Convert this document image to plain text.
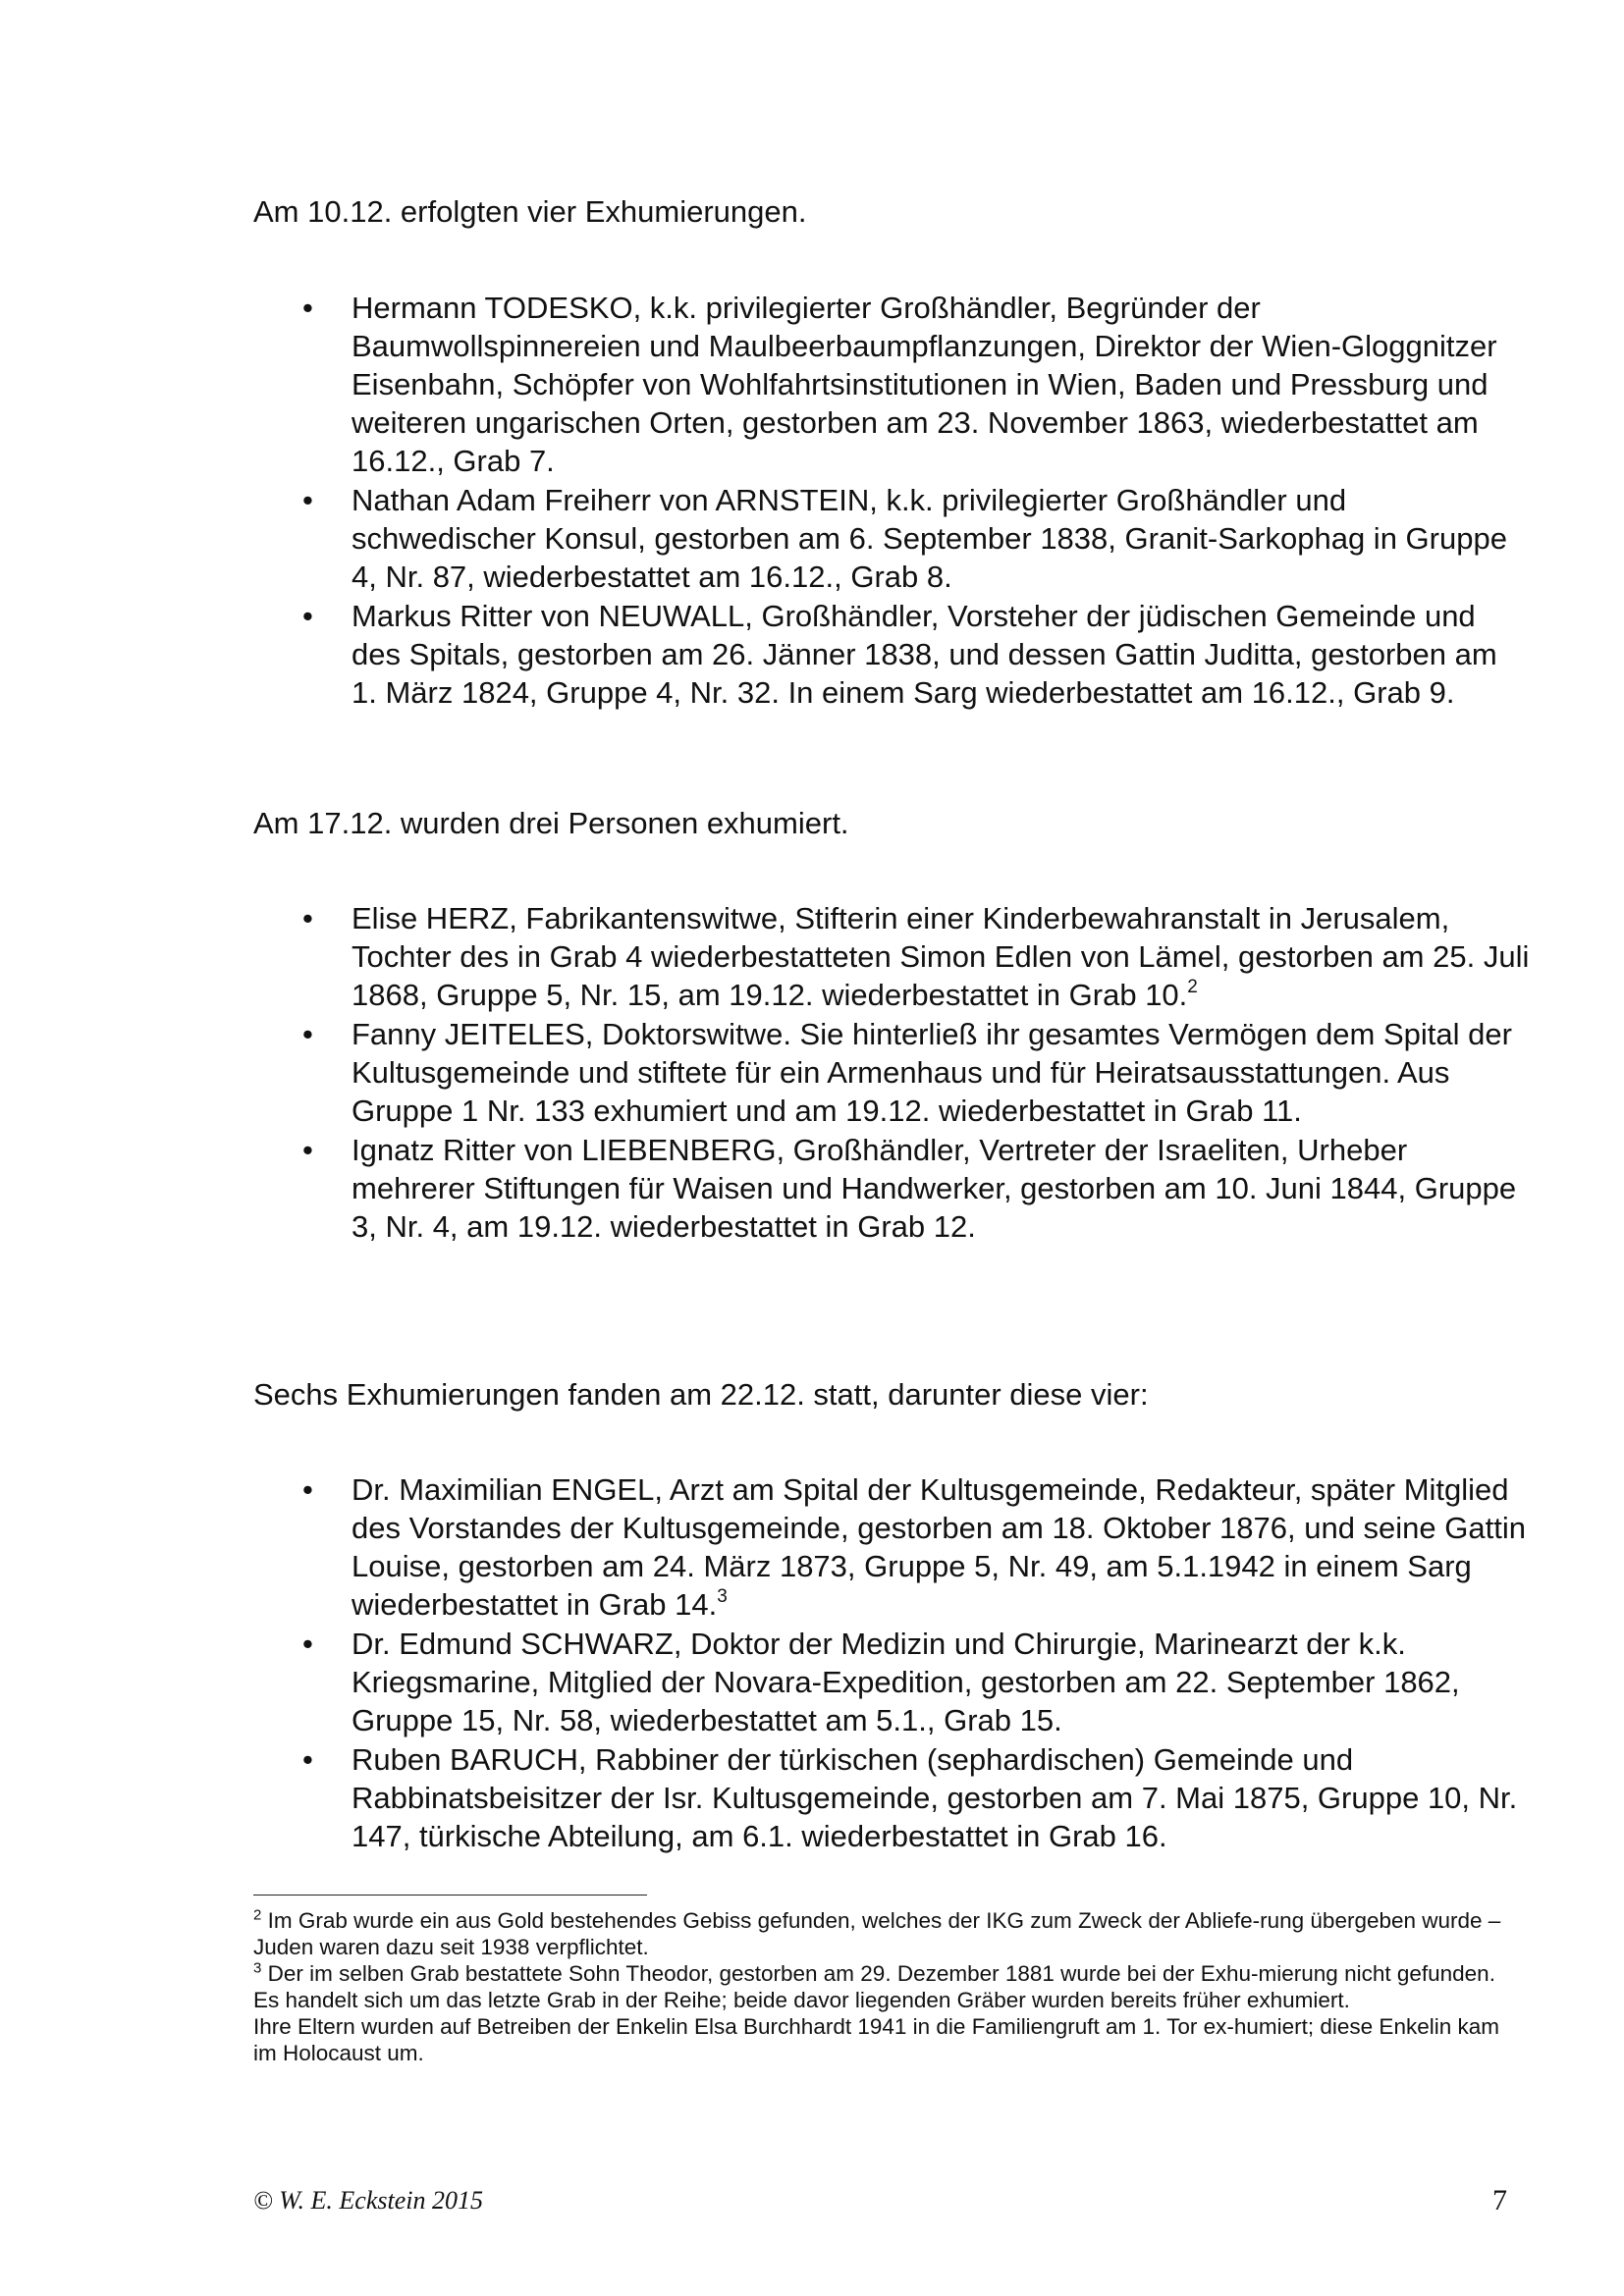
Am 10.12. erfolgten vier Exhumierungen.

• Hermann TODESKO, k.k. privilegierter Großhändler, Begründer der Baumwollspinnereien und Maulbeerbaumpflanzungen, Direktor der Wien-Gloggnitzer Eisenbahn, Schöpfer von Wohlfahrtsinstitutionen in Wien, Baden und Pressburg und weiteren ungarischen Orten, gestorben am 23. November 1863, wiederbestattet am 16.12., Grab 7.
• Nathan Adam Freiherr von ARNSTEIN, k.k. privilegierter Großhändler und schwedischer Konsul, gestorben am 6. September 1838, Granit-Sarkophag in Gruppe 4, Nr. 87, wiederbestattet am 16.12., Grab 8.
• Markus Ritter von NEUWALL, Großhändler, Vorsteher der jüdischen Gemeinde und des Spitals, gestorben am 26. Jänner 1838, und dessen Gattin Juditta, gestorben am 1. März 1824, Gruppe 4, Nr. 32. In einem Sarg wiederbestattet am 16.12., Grab 9.

Am 17.12. wurden drei Personen exhumiert.

• Elise HERZ, Fabrikantenswitwe, Stifterin einer Kinderbewahranstalt in Jerusalem, Tochter des in Grab 4 wiederbestatteten Simon Edlen von Lämel, gestorben am 25. Juli 1868, Gruppe 5, Nr. 15, am 19.12. wiederbestattet in Grab 10.$^2$
• Fanny JEITELES, Doktorswitwe. Sie hinterließ ihr gesamtes Vermögen dem Spital der Kultusgemeinde und stiftete für ein Armenhaus und für Heiratsausstattungen. Aus Gruppe 1 Nr. 133 exhumiert und am 19.12. wiederbestattet in Grab 11.
• Ignatz Ritter von LIEBENBERG, Großhändler, Vertreter der Israeliten, Urheber mehrerer Stiftungen für Waisen und Handwerker, gestorben am 10. Juni 1844, Gruppe 3, Nr. 4, am 19.12. wiederbestattet in Grab 12.

Sechs Exhumierungen fanden am 22.12. statt, darunter diese vier:

• Dr. Maximilian ENGEL, Arzt am Spital der Kultusgemeinde, Redakteur, später Mitglied des Vorstandes der Kultusgemeinde, gestorben am 18. Oktober 1876, und seine Gattin Louise, gestorben am 24. März 1873, Gruppe 5, Nr. 49, am 5.1.1942 in einem Sarg wiederbestattet in Grab 14.$^3$
• Dr. Edmund SCHWARZ, Doktor der Medizin und Chirurgie, Marinearzt der k.k. Kriegsmarine, Mitglied der Novara-Expedition, gestorben am 22. September 1862, Gruppe 15, Nr. 58, wiederbestattet am 5.1., Grab 15.
• Ruben BARUCH, Rabbiner der türkischen (sephardischen) Gemeinde und Rabbinatsbeisitzer der Isr. Kultusgemeinde, gestorben am 7. Mai 1875, Gruppe 10, Nr. 147, türkische Abteilung, am 6.1. wiederbestattet in Grab 16.

$^2$ Im Grab wurde ein aus Gold bestehendes Gebiss gefunden, welches der IKG zum Zweck der Abliefe-rung übergeben wurde – Juden waren dazu seit 1938 verpflichtet.

$^3$ Der im selben Grab bestattete Sohn Theodor, gestorben am 29. Dezember 1881 wurde bei der Exhu-mierung nicht gefunden. Es handelt sich um das letzte Grab in der Reihe; beide davor liegenden Gräber wurden bereits früher exhumiert.

Ihre Eltern wurden auf Betreiben der Enkelin Elsa Burchhardt 1941 in die Familiengruft am 1. Tor ex-humiert; diese Enkelin kam im Holocaust um.

© W. E. Eckstein 2015	7
